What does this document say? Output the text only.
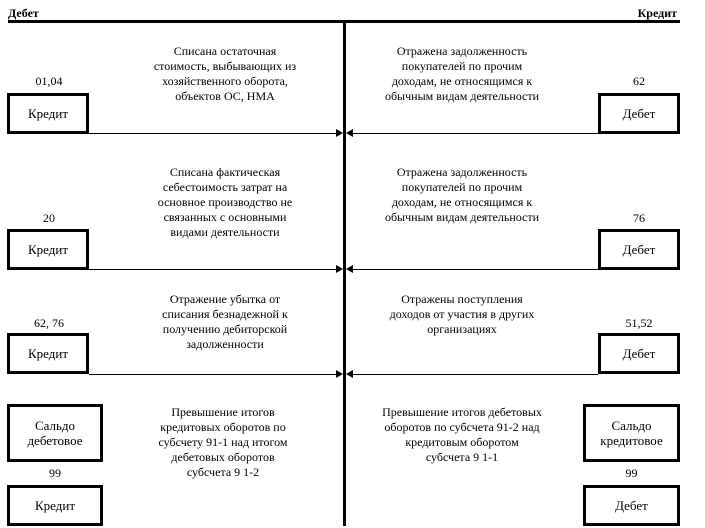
Дебет	Кредит
01,04
Кредит
Списана остаточная стоимость, выбывающих из хозяйственного оборота, объектов ОС, НМА
Отражена задолженность покупателей по прочим доходам, не относящимся к обычным видам деятельности
62
Дебет
20
Кредит
Списана фактическая себестоимость затрат на основное производство не связанных с основными видами деятельности
Отражена задолженность покупателей по прочим доходам, не относящимся к обычным видам деятельности	76
Дебет
62, 76
Кредит
Отражение убытка от списания безнадежной к получению дебиторской задолженности
Отражены поступления доходов от участия в других организациях	51,52
Дебет
Сальдо дебетовое
Превышение итогов кредитовых оборотов по субсчету 91-1 над итогом дебетовых оборотов субсчета 9 1-2
99
Кредит
Превышение итогов дебетовых оборотов по субсчета 91-2 над кредитовым оборотом субсчета 9 1-1
Сальдо кредитовое
99
Дебет
